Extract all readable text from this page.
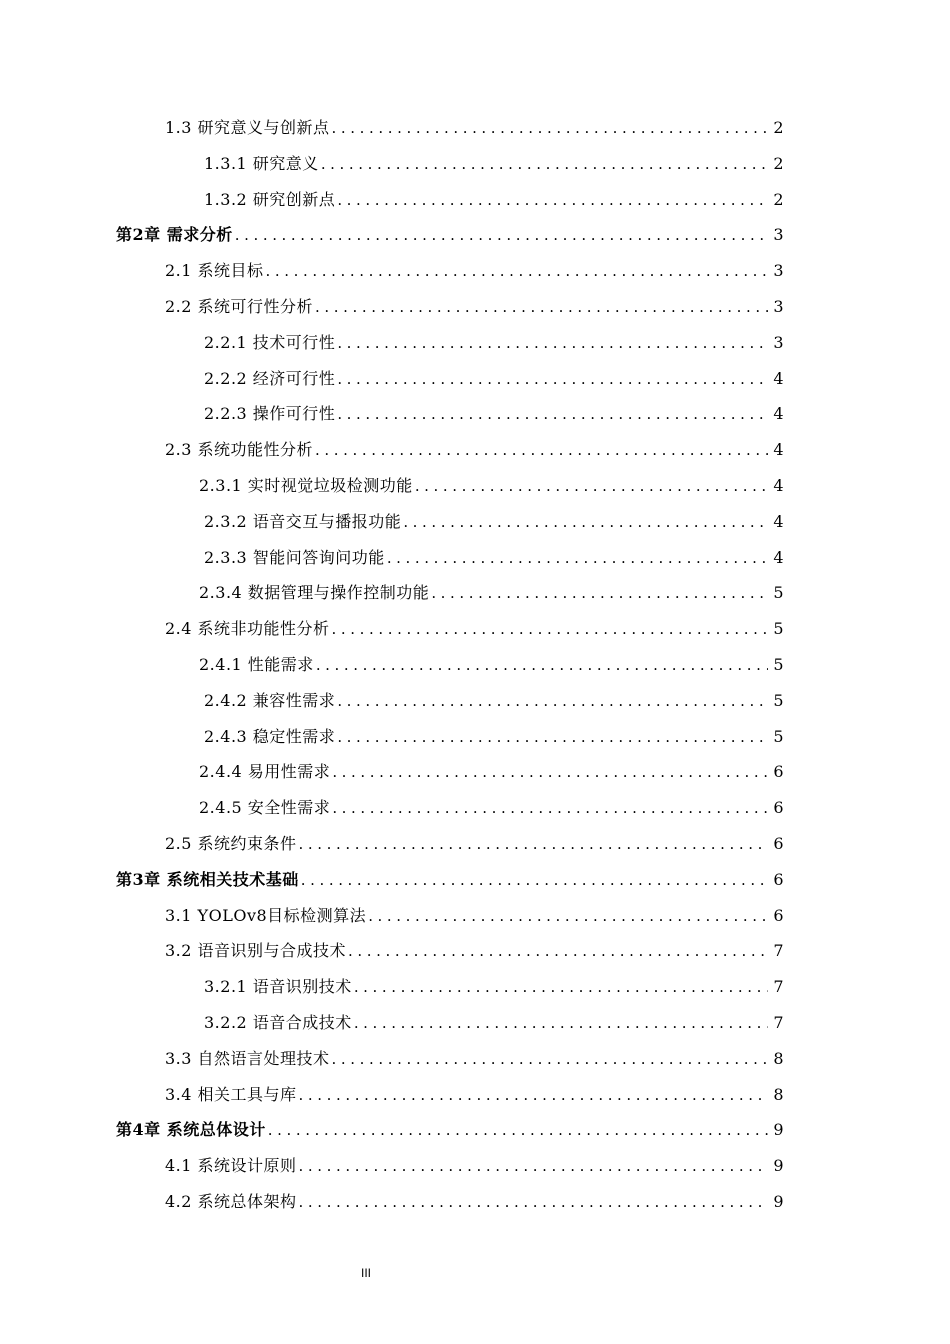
1.3 研究意义与创新点 .....	2
1.3.1 研究意义 .....	2
1.3.2 研究创新点 .....	2
第2章 需求分析 .....	3
2.1 系统目标 .....	3
2.2 系统可行性分析 .....	3
2.2.1 技术可行性 .....	3
2.2.2 经济可行性 .....	4
2.2.3 操作可行性 .....	4
2.3 系统功能性分析 .....	4
2.3.1 实时视觉垃圾检测功能 .....	4
2.3.2 语音交互与播报功能 .....	4
2.3.3 智能问答询问功能 .....	4
2.3.4 数据管理与操作控制功能 .....	5
2.4 系统非功能性分析 .....	5
2.4.1 性能需求 .....	5
2.4.2 兼容性需求 .....	5
2.4.3 稳定性需求 .....	5
2.4.4 易用性需求 .....	6
2.4.5 安全性需求 .....	6
2.5 系统约束条件 .....	6
第3章 系统相关技术基础 .....	6
3.1 YOLOv8目标检测算法 .....	6
3.2 语音识别与合成技术 .....	7
3.2.1 语音识别技术 .....	7
3.2.2 语音合成技术 .....	7
3.3 自然语言处理技术 .....	8
3.4 相关工具与库 .....	8
第4章 系统总体设计 .....	9
4.1 系统设计原则 .....	9
4.2 系统总体架构 .....	9
III
